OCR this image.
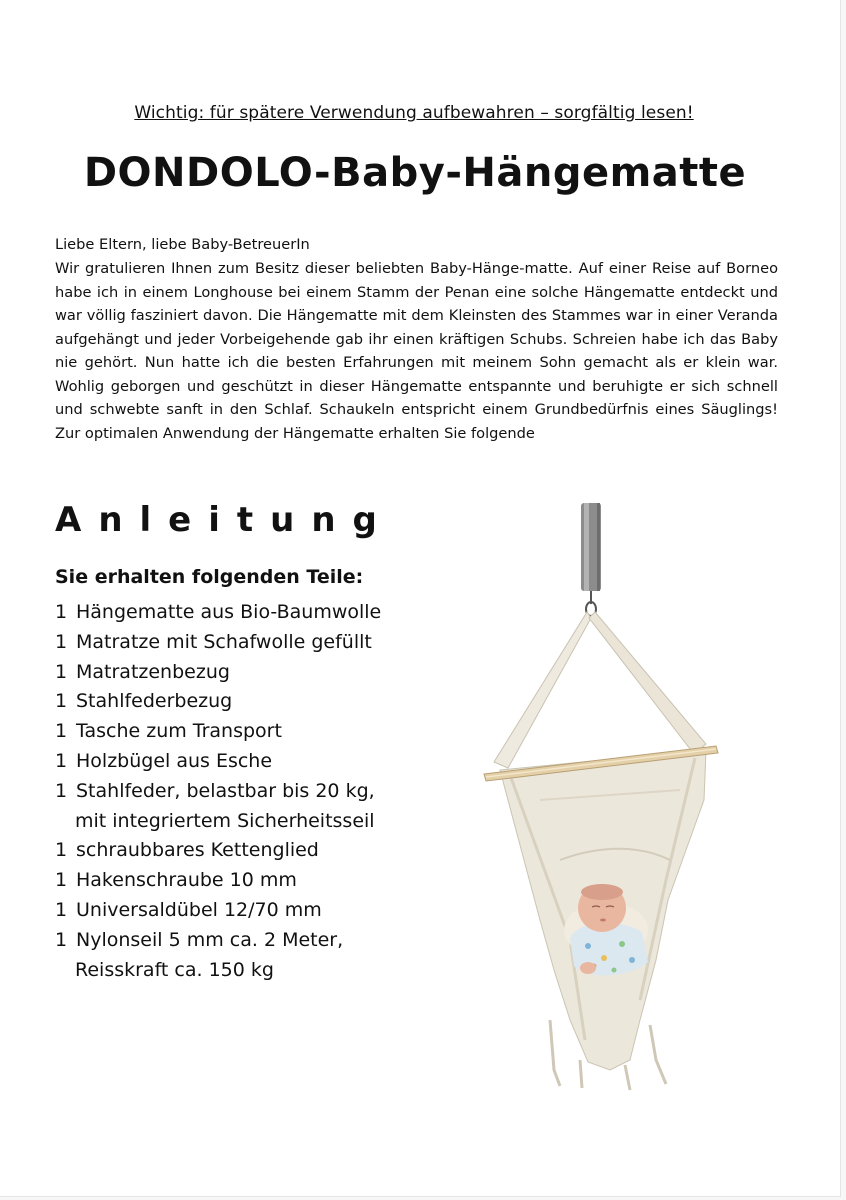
Wichtig: für spätere Verwendung aufbewahren – sorgfältig lesen!
DONDOLO-Baby-Hängematte
Liebe Eltern, liebe Baby-BetreuerIn
Wir gratulieren Ihnen zum Besitz dieser beliebten Baby-Hänge-matte. Auf einer Reise auf Borneo habe ich in einem Longhouse bei einem Stamm der Penan eine solche Hängematte entdeckt und war völlig fasziniert davon. Die Hängematte mit dem Kleinsten des Stammes war in einer Veranda aufgehängt und jeder Vorbeigehende gab ihr einen kräftigen Schubs. Schreien habe ich das Baby nie gehört. Nun hatte ich die besten Erfahrungen mit meinem Sohn gemacht als er klein war. Wohlig geborgen und geschützt in dieser Hängematte entspannte und beruhigte er sich schnell und schwebte sanft in den Schlaf. Schaukeln entspricht einem Grundbedürfnis eines Säuglings! Zur optimalen Anwendung der Hängematte erhalten Sie folgende
Anleitung
Sie erhalten folgenden Teile:
1 Hängematte aus Bio-Baumwolle
1 Matratze mit Schafwolle gefüllt
1 Matratzenbezug
1 Stahlfederbezug
1 Tasche zum Transport
1 Holzbügel aus Esche
1 Stahlfeder, belastbar bis 20 kg,
mit integriertem Sicherheitsseil
1 schraubbares Kettenglied
1 Hakenschraube 10 mm
1 Universaldübel 12/70 mm
1 Nylonseil 5 mm ca. 2 Meter,
Reisskraft ca. 150 kg
